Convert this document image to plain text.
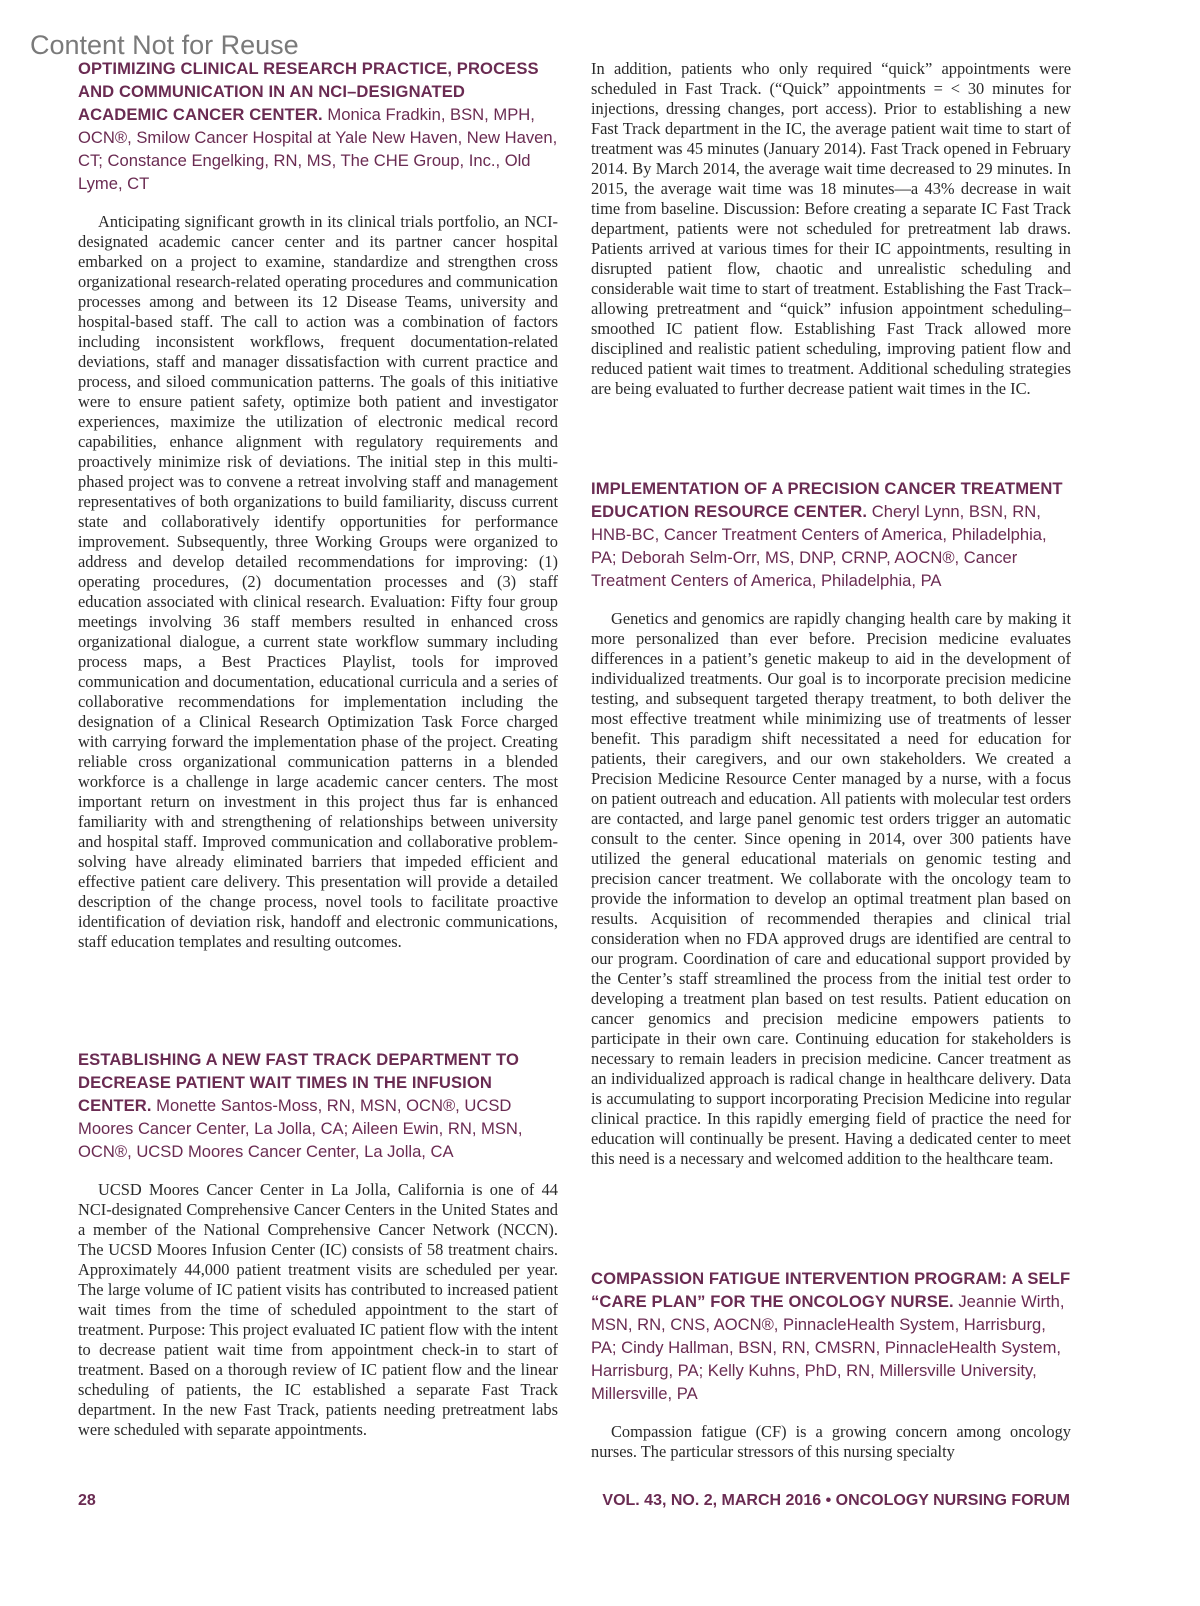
Content Not for Reuse

OPTIMIZING CLINICAL RESEARCH PRACTICE, PROCESS AND COMMUNICATION IN AN NCI–DESIGNATED ACADEMIC CANCER CENTER. Monica Fradkin, BSN, MPH, OCN®, Smilow Cancer Hospital at Yale New Haven, New Haven, CT; Constance Engelking, RN, MS, The CHE Group, Inc., Old Lyme, CT

Anticipating significant growth in its clinical trials portfolio, an NCI-designated academic cancer center and its partner cancer hospital embarked on a project to examine, standardize and strengthen cross organizational research-related operating procedures and communication processes among and between its 12 Disease Teams, university and hospital-based staff. The call to action was a combination of factors including inconsistent workflows, frequent documentation-related deviations, staff and manager dissatisfaction with current practice and process, and siloed communication patterns. The goals of this initiative were to ensure patient safety, optimize both patient and investigator experiences, maximize the utilization of electronic medical record capabilities, enhance alignment with regulatory requirements and proactively minimize risk of deviations. The initial step in this multi-phased project was to convene a retreat involving staff and management representatives of both organizations to build familiarity, discuss current state and collaboratively identify opportunities for performance improvement. Subsequently, three Working Groups were organized to address and develop detailed recommendations for improving: (1) operating procedures, (2) documentation processes and (3) staff education associated with clinical research. Evaluation: Fifty four group meetings involving 36 staff members resulted in enhanced cross organizational dialogue, a current state workflow summary including process maps, a Best Practices Playlist, tools for improved communication and documentation, educational curricula and a series of collaborative recommendations for implementation including the designation of a Clinical Research Optimization Task Force charged with carrying forward the implementation phase of the project. Creating reliable cross organizational communication patterns in a blended workforce is a challenge in large academic cancer centers. The most important return on investment in this project thus far is enhanced familiarity with and strengthening of relationships between university and hospital staff. Improved communication and collaborative problem-solving have already eliminated barriers that impeded efficient and effective patient care delivery. This presentation will provide a detailed description of the change process, novel tools to facilitate proactive identification of deviation risk, handoff and electronic communications, staff education templates and resulting outcomes.

ESTABLISHING A NEW FAST TRACK DEPARTMENT TO DECREASE PATIENT WAIT TIMES IN THE INFUSION CENTER. Monette Santos-Moss, RN, MSN, OCN®, UCSD Moores Cancer Center, La Jolla, CA; Aileen Ewin, RN, MSN, OCN®, UCSD Moores Cancer Center, La Jolla, CA

UCSD Moores Cancer Center in La Jolla, California is one of 44 NCI-designated Comprehensive Cancer Centers in the United States and a member of the National Comprehensive Cancer Network (NCCN). The UCSD Moores Infusion Center (IC) consists of 58 treatment chairs. Approximately 44,000 patient treatment visits are scheduled per year. The large volume of IC patient visits has contributed to increased patient wait times from the time of scheduled appointment to the start of treatment. Purpose: This project evaluated IC patient flow with the intent to decrease patient wait time from appointment check-in to start of treatment. Based on a thorough review of IC patient flow and the linear scheduling of patients, the IC established a separate Fast Track department. In the new Fast Track, patients needing pretreatment labs were scheduled with separate appointments.

In addition, patients who only required “quick” appointments were scheduled in Fast Track. (“Quick” appointments = < 30 minutes for injections, dressing changes, port access). Prior to establishing a new Fast Track department in the IC, the average patient wait time to start of treatment was 45 minutes (January 2014). Fast Track opened in February 2014. By March 2014, the average wait time decreased to 29 minutes. In 2015, the average wait time was 18 minutes—a 43% decrease in wait time from baseline. Discussion: Before creating a separate IC Fast Track department, patients were not scheduled for pretreatment lab draws. Patients arrived at various times for their IC appointments, resulting in disrupted patient flow, chaotic and unrealistic scheduling and considerable wait time to start of treatment. Establishing the Fast Track–allowing pretreatment and “quick” infusion appointment scheduling–smoothed IC patient flow. Establishing Fast Track allowed more disciplined and realistic patient scheduling, improving patient flow and reduced patient wait times to treatment. Additional scheduling strategies are being evaluated to further decrease patient wait times in the IC.

IMPLEMENTATION OF A PRECISION CANCER TREATMENT EDUCATION RESOURCE CENTER. Cheryl Lynn, BSN, RN, HNB-BC, Cancer Treatment Centers of America, Philadelphia, PA; Deborah Selm-Orr, MS, DNP, CRNP, AOCN®, Cancer Treatment Centers of America, Philadelphia, PA

Genetics and genomics are rapidly changing health care by making it more personalized than ever before. Precision medicine evaluates differences in a patient’s genetic makeup to aid in the development of individualized treatments. Our goal is to incorporate precision medicine testing, and subsequent targeted therapy treatment, to both deliver the most effective treatment while minimizing use of treatments of lesser benefit. This paradigm shift necessitated a need for education for patients, their caregivers, and our own stakeholders. We created a Precision Medicine Resource Center managed by a nurse, with a focus on patient outreach and education. All patients with molecular test orders are contacted, and large panel genomic test orders trigger an automatic consult to the center. Since opening in 2014, over 300 patients have utilized the general educational materials on genomic testing and precision cancer treatment. We collaborate with the oncology team to provide the information to develop an optimal treatment plan based on results. Acquisition of recommended therapies and clinical trial consideration when no FDA approved drugs are identified are central to our program. Coordination of care and educational support provided by the Center’s staff streamlined the process from the initial test order to developing a treatment plan based on test results. Patient education on cancer genomics and precision medicine empowers patients to participate in their own care. Continuing education for stakeholders is necessary to remain leaders in precision medicine. Cancer treatment as an individualized approach is radical change in healthcare delivery. Data is accumulating to support incorporating Precision Medicine into regular clinical practice. In this rapidly emerging field of practice the need for education will continually be present. Having a dedicated center to meet this need is a necessary and welcomed addition to the healthcare team.

COMPASSION FATIGUE INTERVENTION PROGRAM: A SELF “CARE PLAN” FOR THE ONCOLOGY NURSE. Jeannie Wirth, MSN, RN, CNS, AOCN®, PinnacleHealth System, Harrisburg, PA; Cindy Hallman, BSN, RN, CMSRN, PinnacleHealth System, Harrisburg, PA; Kelly Kuhns, PhD, RN, Millersville University, Millersville, PA

Compassion fatigue (CF) is a growing concern among oncology nurses. The particular stressors of this nursing specialty

28	VOL. 43, NO. 2, MARCH 2016 • ONCOLOGY NURSING FORUM
